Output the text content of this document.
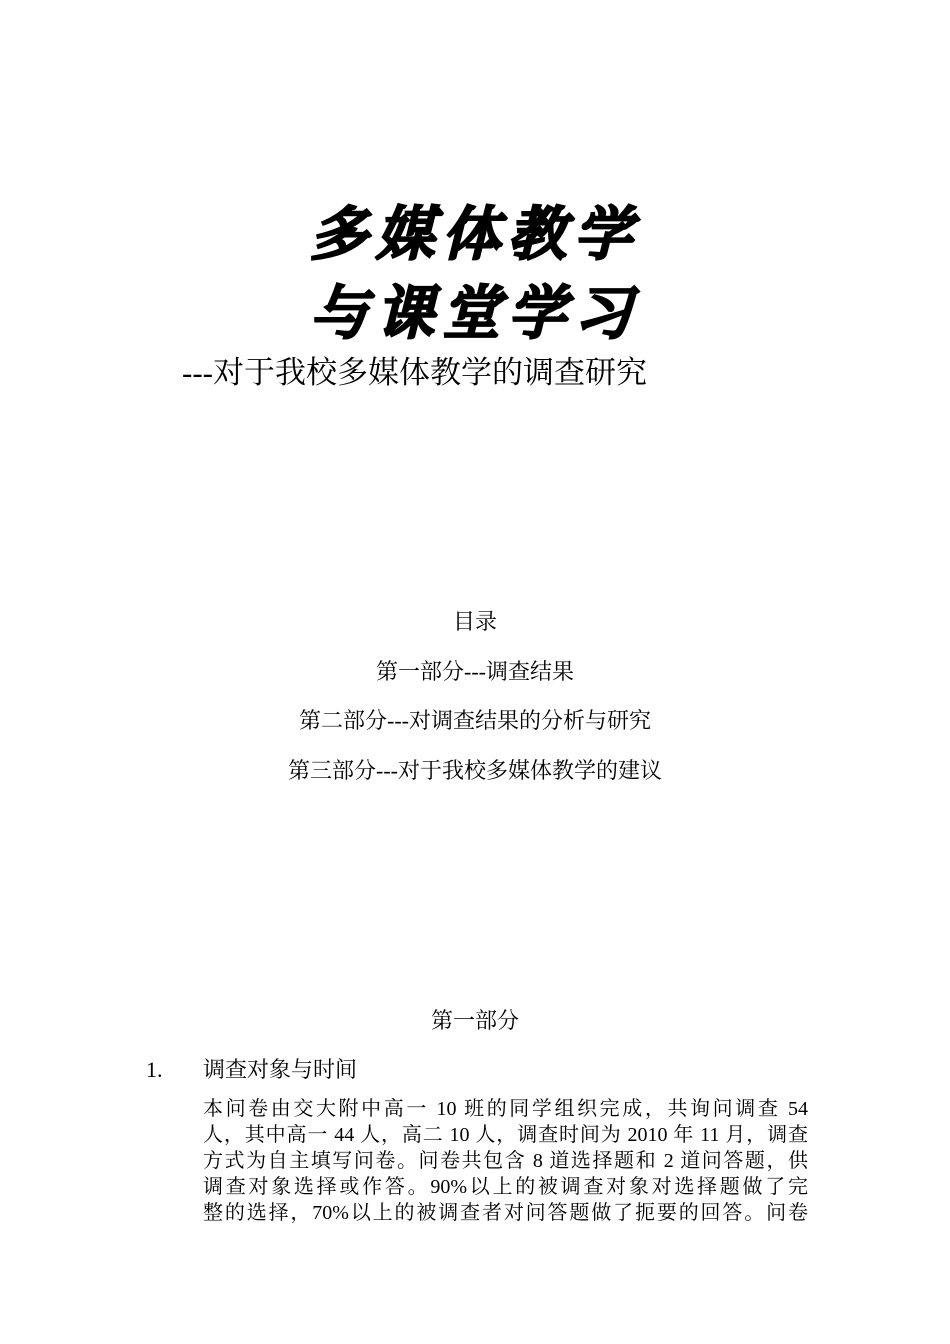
多媒体教学
与课堂学习
---对于我校多媒体教学的调查研究
目录
第一部分---调查结果
第二部分---对调查结果的分析与研究
第三部分---对于我校多媒体教学的建议
第一部分
1. 调查对象与时间
本问卷由交大附中高一 10 班的同学组织完成，共询问调查 54
人，其中高一 44 人，高二 10 人，调查时间为 2010 年 11 月，调查
方式为自主填写问卷。问卷共包含 8 道选择题和 2 道问答题，供
调查对象选择或作答。90%以上的被调查对象对选择题做了完
整的选择，70%以上的被调查者对问答题做了扼要的回答。问卷
